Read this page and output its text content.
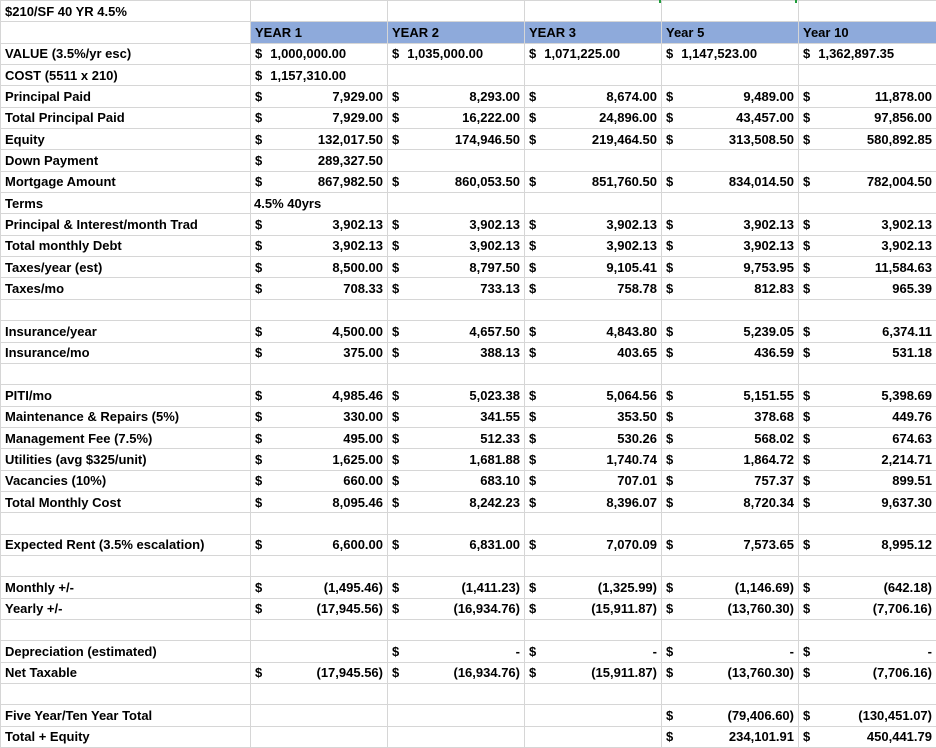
$210/SF 40 YR 4.5%					
	YEAR 1	YEAR 2	YEAR 3	Year 5	Year 10
VALUE (3.5%/yr esc)	$ 1,000,000.00	$ 1,035,000.00	$ 1,071,225.00	$ 1,147,523.00	$ 1,362,897.35

COST (5511 x 210)	$ 1,157,310.00				

Principal Paid	$ 7,929.00	$ 8,293.00	$ 8,674.00	$ 9,489.00	$ 11,878.00

Total Principal Paid	$ 7,929.00	$ 16,222.00	$ 24,896.00	$ 43,457.00	$ 97,856.00

Equity	$ 132,017.50	$ 174,946.50	$ 219,464.50	$ 313,508.50	$ 580,892.85

Down Payment	$ 289,327.50				

Mortgage Amount	$ 867,982.50	$ 860,053.50	$ 851,760.50	$ 834,014.50	$ 782,004.50

Terms	4.5% 40yrs				
Principal & Interest/month Trad	$ 3,902.13	$ 3,902.13	$ 3,902.13	$ 3,902.13	$ 3,902.13

Total monthly Debt	$ 3,902.13	$ 3,902.13	$ 3,902.13	$ 3,902.13	$ 3,902.13

Taxes/year (est)	$ 8,500.00	$ 8,797.50	$ 9,105.41	$ 9,753.95	$ 11,584.63

Taxes/mo	$ 708.33	$ 733.13	$ 758.78	$ 812.83	$ 965.39

Insurance/year	$ 4,500.00	$ 4,657.50	$ 4,843.80	$ 5,239.05	$ 6,374.11

Insurance/mo	$ 375.00	$ 388.13	$ 403.65	$ 436.59	$ 531.18

PITI/mo	$ 4,985.46	$ 5,023.38	$ 5,064.56	$ 5,151.55	$ 5,398.69

Maintenance & Repairs (5%)	$ 330.00	$ 341.55	$ 353.50	$ 378.68	$ 449.76

Management Fee (7.5%)	$ 495.00	$ 512.33	$ 530.26	$ 568.02	$ 674.63

Utilities (avg $325/unit)	$ 1,625.00	$ 1,681.88	$ 1,740.74	$ 1,864.72	$ 2,214.71

Vacancies (10%)	$ 660.00	$ 683.10	$ 707.01	$ 757.37	$ 899.51

Total Monthly Cost	$ 8,095.46	$ 8,242.23	$ 8,396.07	$ 8,720.34	$ 9,637.30

Expected Rent (3.5% escalation)	$ 6,600.00	$ 6,831.00	$ 7,070.09	$ 7,573.65	$ 8,995.12

Monthly +/-	$ (1,495.46)	$ (1,411.23)	$ (1,325.99)	$ (1,146.69)	$ (642.18)

Yearly +/-	$ (17,945.56)	$ (16,934.76)	$ (15,911.87)	$ (13,760.30)	$ (7,706.16)

Depreciation (estimated)		$ -	$ -	$ -	$ -

Net Taxable	$ (17,945.56)	$ (16,934.76)	$ (15,911.87)	$ (13,760.30)	$ (7,706.16)

Five Year/Ten Year Total				$ (79,406.60)	$ (130,451.07)

Total + Equity				$ 234,101.91	$ 450,441.79
